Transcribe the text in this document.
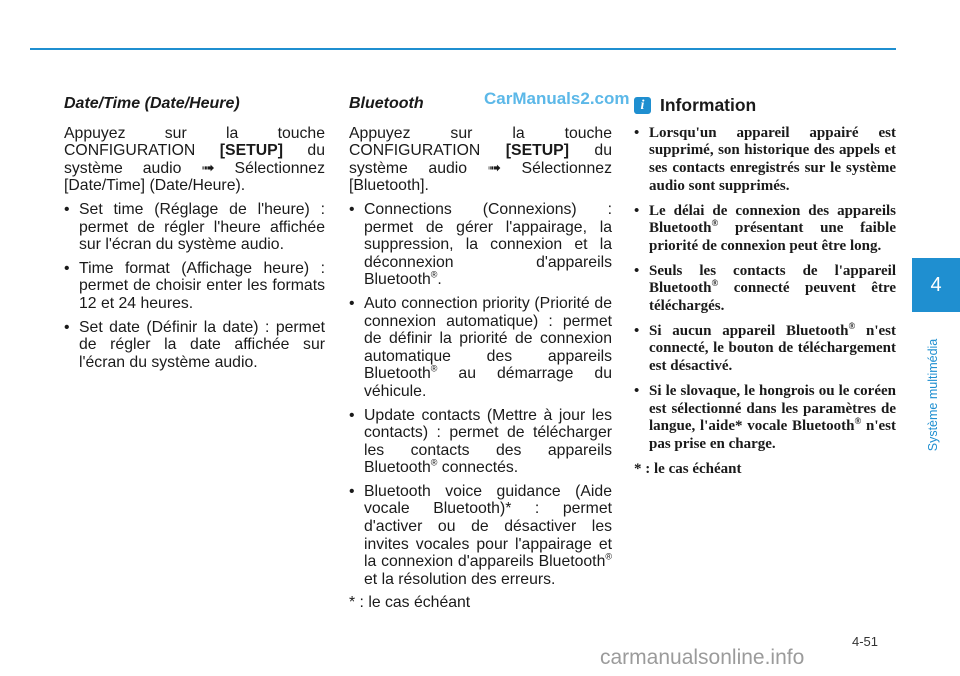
CarManuals2.com
Date/Time (Date/Heure)

Appuyez sur la touche CONFIGURATION [SETUP] du système audio ➟ Sélectionnez [Date/Time] (Date/Heure).

• Set time (Réglage de l'heure) : permet de régler l'heure affichée sur l'écran du système audio.
• Time format (Affichage heure) : permet de choisir enter les formats 12 et 24 heures.
• Set date (Définir la date) : permet de régler la date affichée sur l'écran du système audio.
Bluetooth

Appuyez sur la touche CONFIGURATION [SETUP] du système audio ➟ Sélectionnez [Bluetooth].

• Connections (Connexions) : permet de gérer l'appairage, la suppression, la connexion et la déconnexion d'appareils Bluetooth®.
• Auto connection priority (Priorité de connexion automatique) : permet de définir la priorité de connexion automatique des appareils Bluetooth® au démarrage du véhicule.
• Update contacts (Mettre à jour les contacts) : permet de télécharger les contacts des appareils Bluetooth® connectés.
• Bluetooth voice guidance (Aide vocale Bluetooth)* : permet d'activer ou de désactiver les invites vocales pour l'appairage et la connexion d'appareils Bluetooth® et la résolution des erreurs.
* : le cas échéant
i Information
• Lorsqu'un appareil appairé est supprimé, son historique des appels et ses contacts enregistrés sur le système audio sont supprimés.
• Le délai de connexion des appareils Bluetooth® présentant une faible priorité de connexion peut être long.
• Seuls les contacts de l'appareil Bluetooth® connecté peuvent être téléchargés.
• Si aucun appareil Bluetooth® n'est connecté, le bouton de téléchargement est désactivé.
• Si le slovaque, le hongrois ou le coréen est sélectionné dans les paramètres de langue, l'aide* vocale Bluetooth® n'est pas prise en charge.
* : le cas échéant
4
Système multimédia
4-51
carmanualsonline.info
